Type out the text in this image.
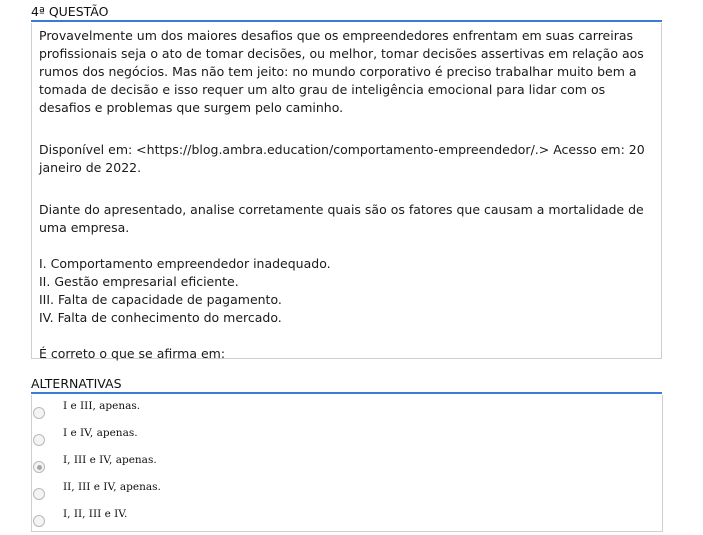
4ª QUESTÃO

Provavelmente um dos maiores desafios que os empreendedores enfrentam em suas carreiras profissionais seja o ato de tomar decisões, ou melhor, tomar decisões assertivas em relação aos rumos dos negócios. Mas não tem jeito: no mundo corporativo é preciso trabalhar muito bem a tomada de decisão e isso requer um alto grau de inteligência emocional para lidar com os desafios e problemas que surgem pelo caminho.

Disponível em: <https://blog.ambra.education/comportamento-empreendedor/.> Acesso em: 20 janeiro de 2022.

Diante do apresentado, analise corretamente quais são os fatores que causam a mortalidade de uma empresa.

I. Comportamento empreendedor inadequado.

II. Gestão empresarial eficiente.

III. Falta de capacidade de pagamento.

IV. Falta de conhecimento do mercado.

É correto o que se afirma em:

ALTERNATIVAS
I e III, apenas.
I e IV, apenas.
I, III e IV, apenas.
II, III e IV, apenas.
I, II, III e IV.
